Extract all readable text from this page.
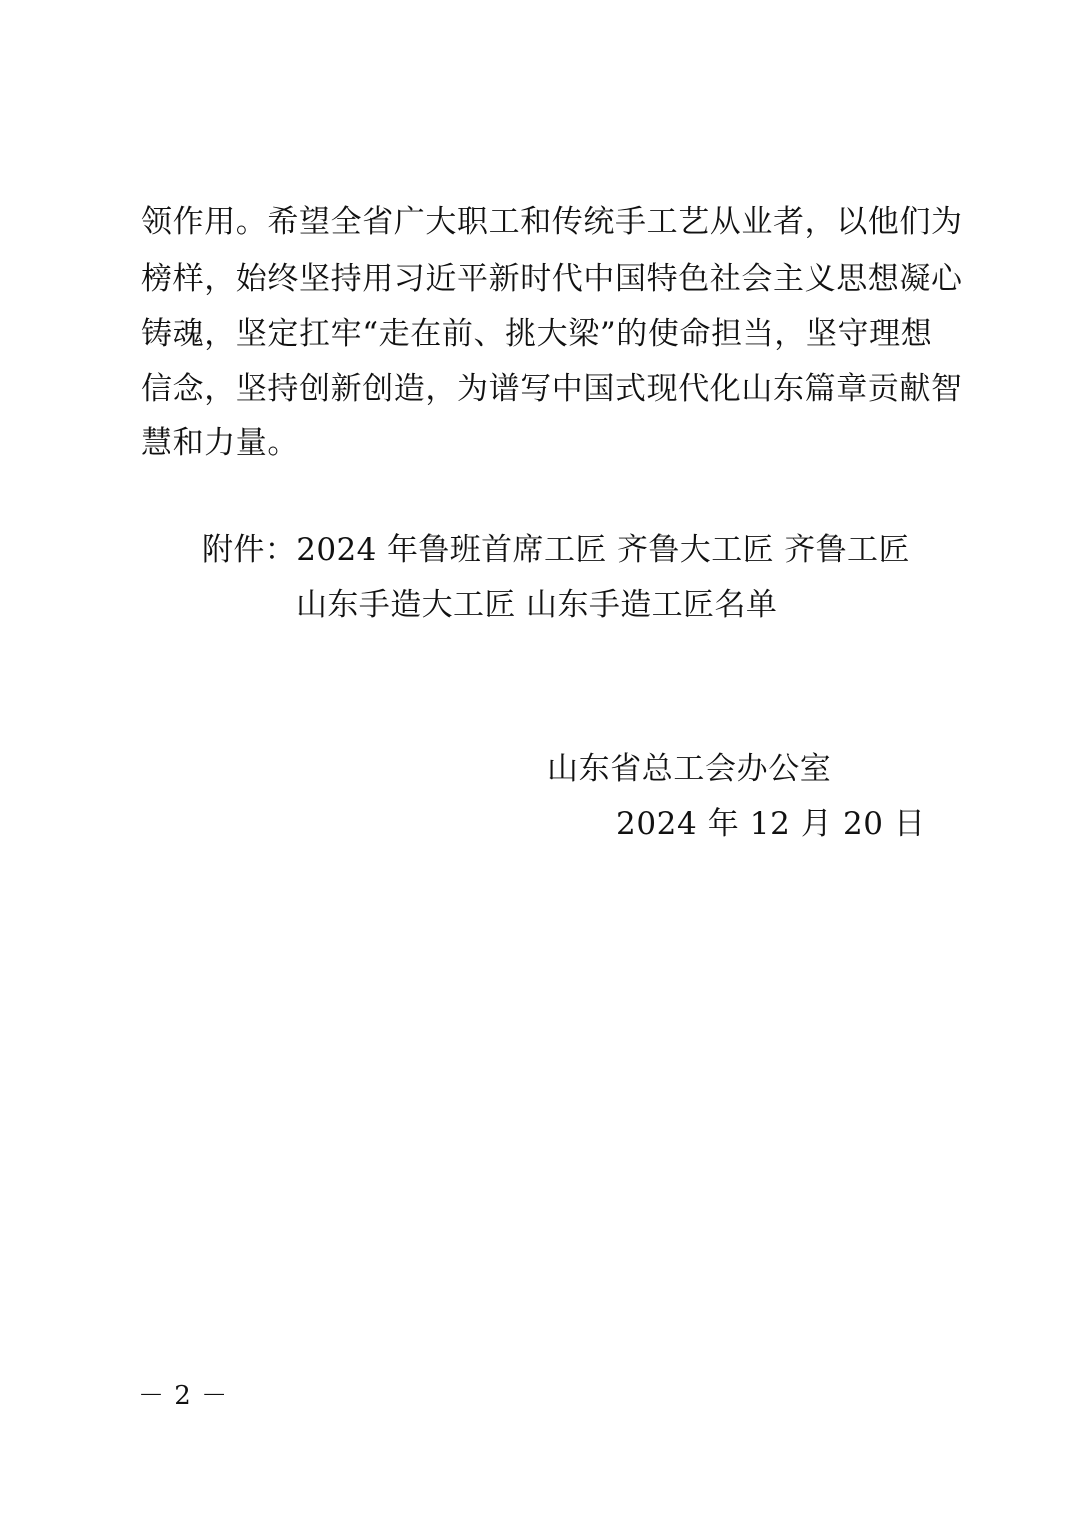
领作用。希望全省广大职工和传统手工艺从业者，以他们为
榜样，始终坚持用习近平新时代中国特色社会主义思想凝心
铸魂，坚定扛牢“走在前、挑大梁”的使命担当，坚守理想
信念，坚持创新创造，为谱写中国式现代化山东篇章贡献智
慧和力量。
附件：2024 年鲁班首席工匠 齐鲁大工匠 齐鲁工匠
山东手造大工匠 山东手造工匠名单
山东省总工会办公室
2024 年 12 月 20 日
－ 2 －
